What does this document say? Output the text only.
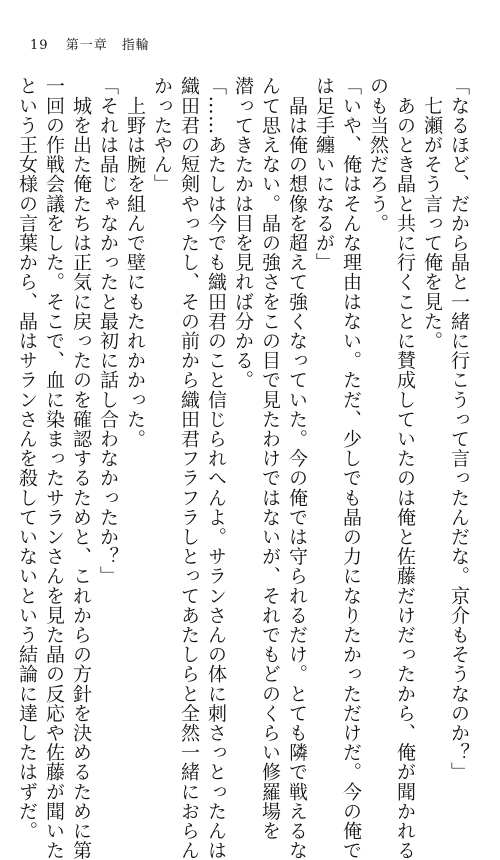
19 第一章　指輪
「なるほど、だから晶と一緒に行こうって言ったんだな。京介もそうなのか？」
　七瀬がそう言って俺を見た。
　あのとき晶と共に行くことに賛成していたのは俺と佐藤だけだったから、俺が聞かれる
のも当然だろう。
「いや、俺はそんな理由はない。ただ、少しでも晶の力になりたかっただけだ。今の俺で
は足手纏いになるが」
　晶は俺の想像を超えて強くなっていた。今の俺では守られるだけ。とても隣で戦えるな
んて思えない。晶の強さをこの目で見たわけではないが、それでもどのくらい修羅場を
潜ってきたかは目を見れば分かる。
「……あたしは今でも織田君のこと信じられへんよ。サランさんの体に刺さっとったんは
織田君の短剣やったし、その前から織田君フラフラしとってあたしらと全然一緒におらん
かったやん」
　上野は腕を組んで壁にもたれかかった。
「それは晶じゃなかったと最初に話し合わなかったか？」
　城を出た俺たちは正気に戻ったのを確認するためと、これからの方針を決めるために第
一回の作戦会議をした。そこで、血に染まったサランさんを見た晶の反応や佐藤が聞いた
という王女様の言葉から、晶はサランさんを殺していないという結論に達したはずだ。
